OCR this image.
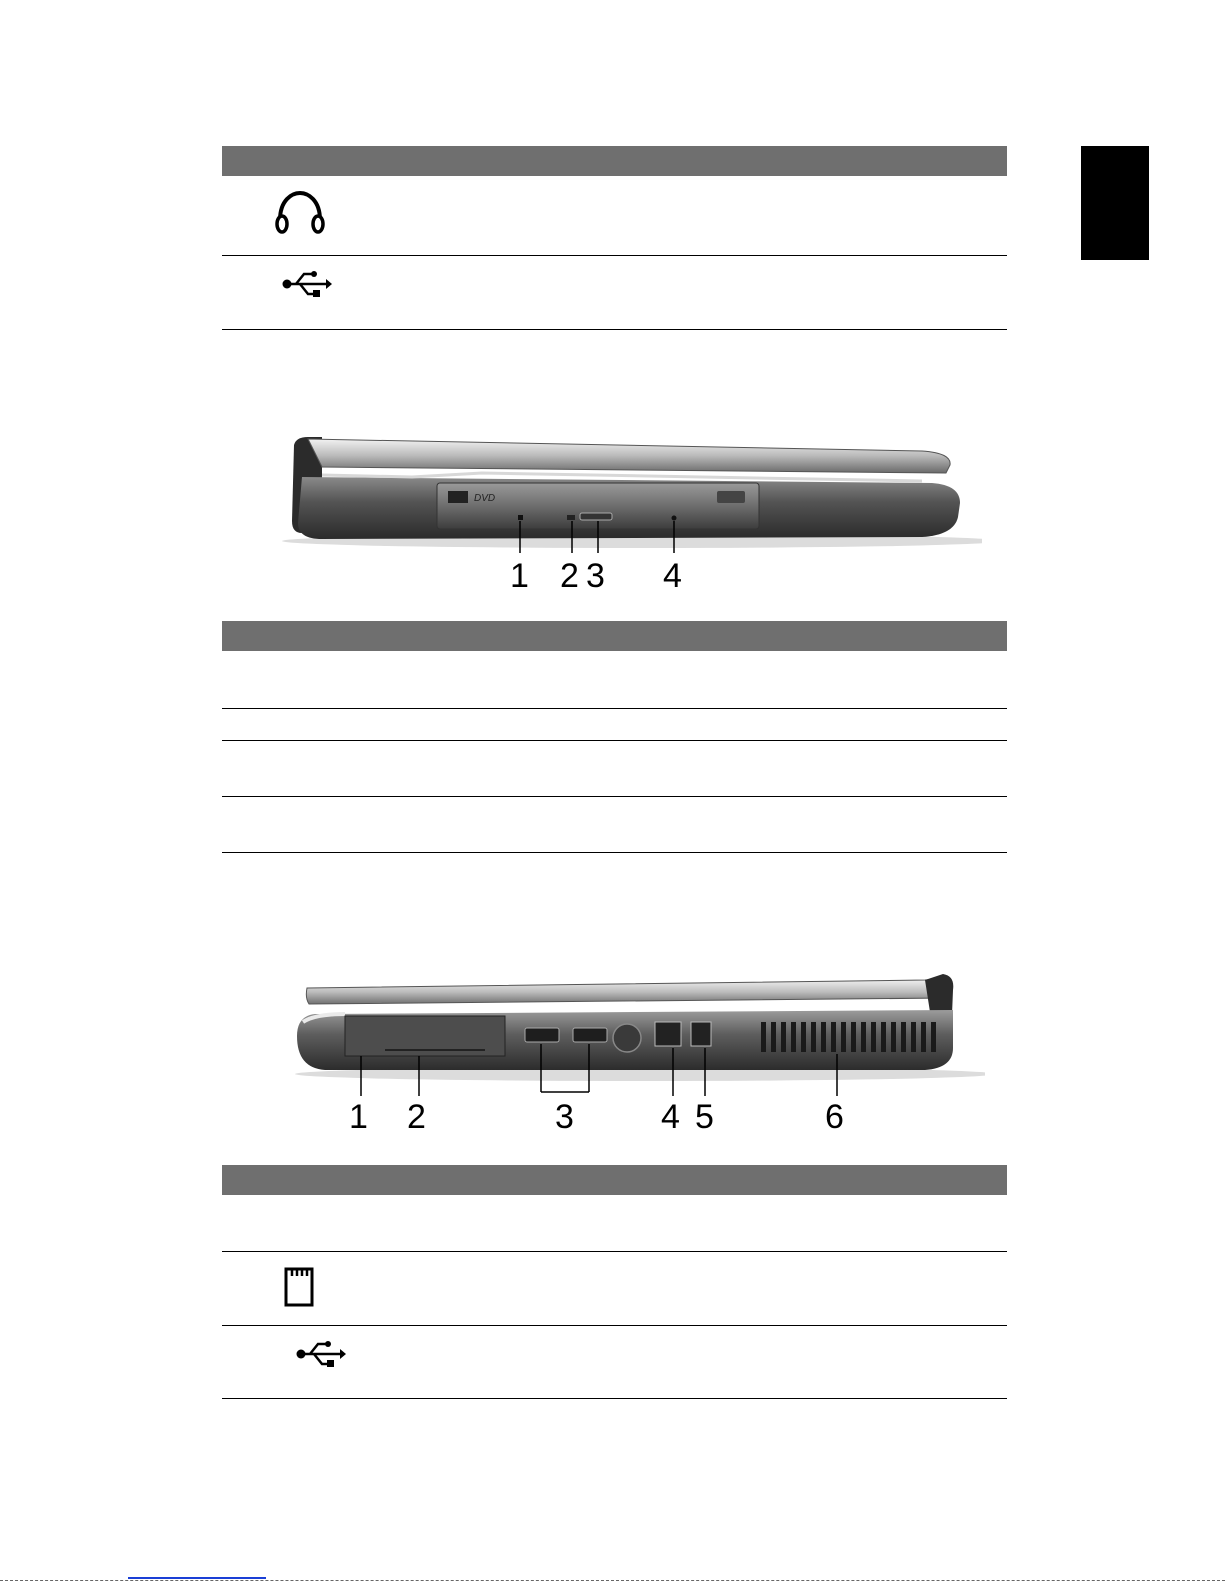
DVD
1 2 3 4
1 2	3	4 5	6
